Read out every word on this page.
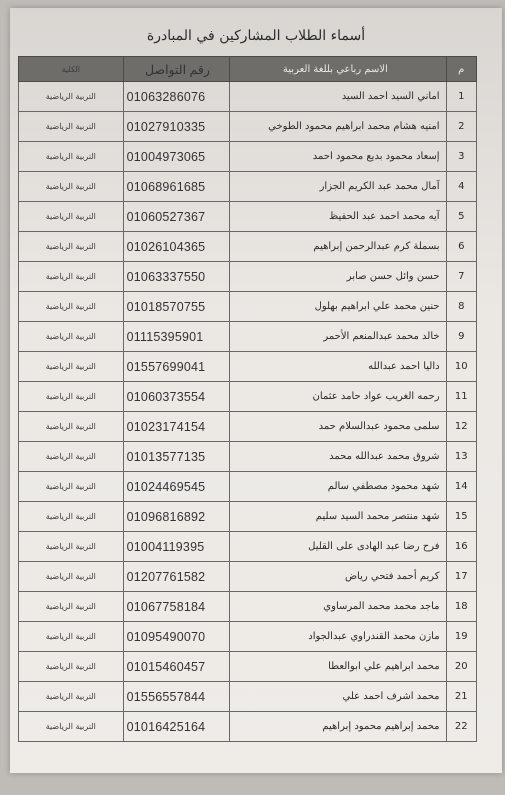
أسماء الطلاب المشاركين في المبادرة
م	الاسم رباعي بللغة العربية	رقم التواصل	الكلية
1	اماني السيد احمد السيد	01063286076	التربية الرياضية
2	امنيه هشام محمد ابراهيم محمود الطوخي	01027910335	التربية الرياضية
3	إسعاد محمود بديع محمود احمد	01004973065	التربية الرياضية
4	آمال محمد عبد الكريم الجزار	01068961685	التربية الرياضية
5	آيه محمد احمد عبد الحفيظ	01060527367	التربية الرياضية
6	بسملة كرم عبدالرحمن إبراهيم	01026104365	التربية الرياضية
7	حسن وائل حسن صابر	01063337550	التربية الرياضية
8	حنين محمد علي ابراهيم بهلول	01018570755	التربية الرياضية
9	خالد محمد عبدالمنعم الأحمر	01115395901	التربية الرياضية
10	داليا احمد عبدالله	01557699041	التربية الرياضية
11	رحمه الغريب عواد حامد عثمان	01060373554	التربية الرياضية
12	سلمى محمود عبدالسلام حمد	01023174154	التربية الرياضية
13	شروق محمد عبدالله محمد	01013577135	التربية الرياضية
14	شهد محمود مصطفي سالم	01024469545	التربية الرياضية
15	شهد منتصر محمد السيد سليم	01096816892	التربية الرياضية
16	فرح رضا عبد الهادى على القليل	01004119395	التربية الرياضية
17	كريم أحمد فتحي رياض	01207761582	التربية الرياضية
18	ماجد محمد محمد المرساوي	01067758184	التربية الرياضية
19	مازن محمد القندراوي عبدالجواد	01095490070	التربية الرياضية
20	محمد ابراهيم علي ابوالعطا	01015460457	التربية الرياضية
21	محمد اشرف احمد علي	01556557844	التربية الرياضية
22	محمد إبراهيم محمود إبراهيم	01016425164	التربية الرياضية
